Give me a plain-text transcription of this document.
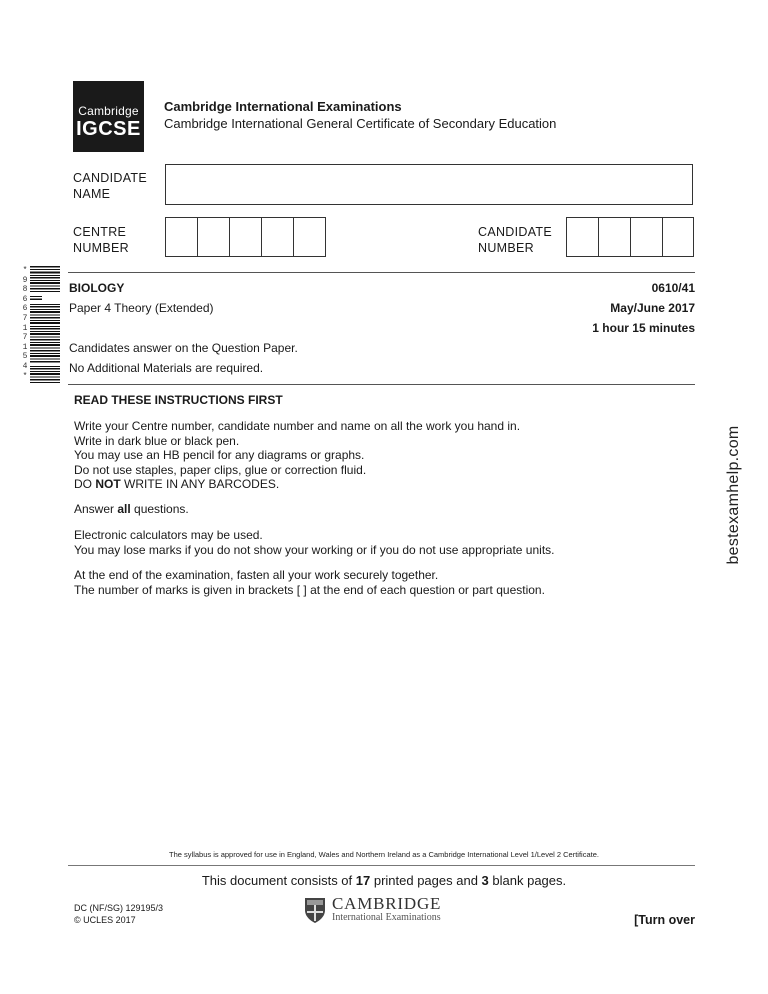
Cambridge
IGCSE
Cambridge International Examinations
Cambridge International General Certificate of Secondary Education
CANDIDATE
NAME
CENTRE
NUMBER
CANDIDATE
NUMBER
*
9
8
6
6
7
1
7
1
5
4
*
BIOLOGY	0610/41
Paper 4 Theory (Extended)	May/June 2017
1 hour 15 minutes
Candidates answer on the Question Paper.
No Additional Materials are required.
READ THESE INSTRUCTIONS FIRST
Write your Centre number, candidate number and name on all the work you hand in.
Write in dark blue or black pen.
You may use an HB pencil for any diagrams or graphs.
Do not use staples, paper clips, glue or correction fluid.
DO NOT WRITE IN ANY BARCODES.
Answer all questions.
Electronic calculators may be used.
You may lose marks if you do not show your working or if you do not use appropriate units.
At the end of the examination, fasten all your work securely together.
The number of marks is given in brackets [ ] at the end of each question or part question.
bestexamhelp.com
The syllabus is approved for use in England, Wales and Northern Ireland as a Cambridge International Level 1/Level 2 Certificate.
This document consists of 17 printed pages and 3 blank pages.
DC (NF/SG) 129195/3
© UCLES 2017
CAMBRIDGE
International Examinations	[Turn over
